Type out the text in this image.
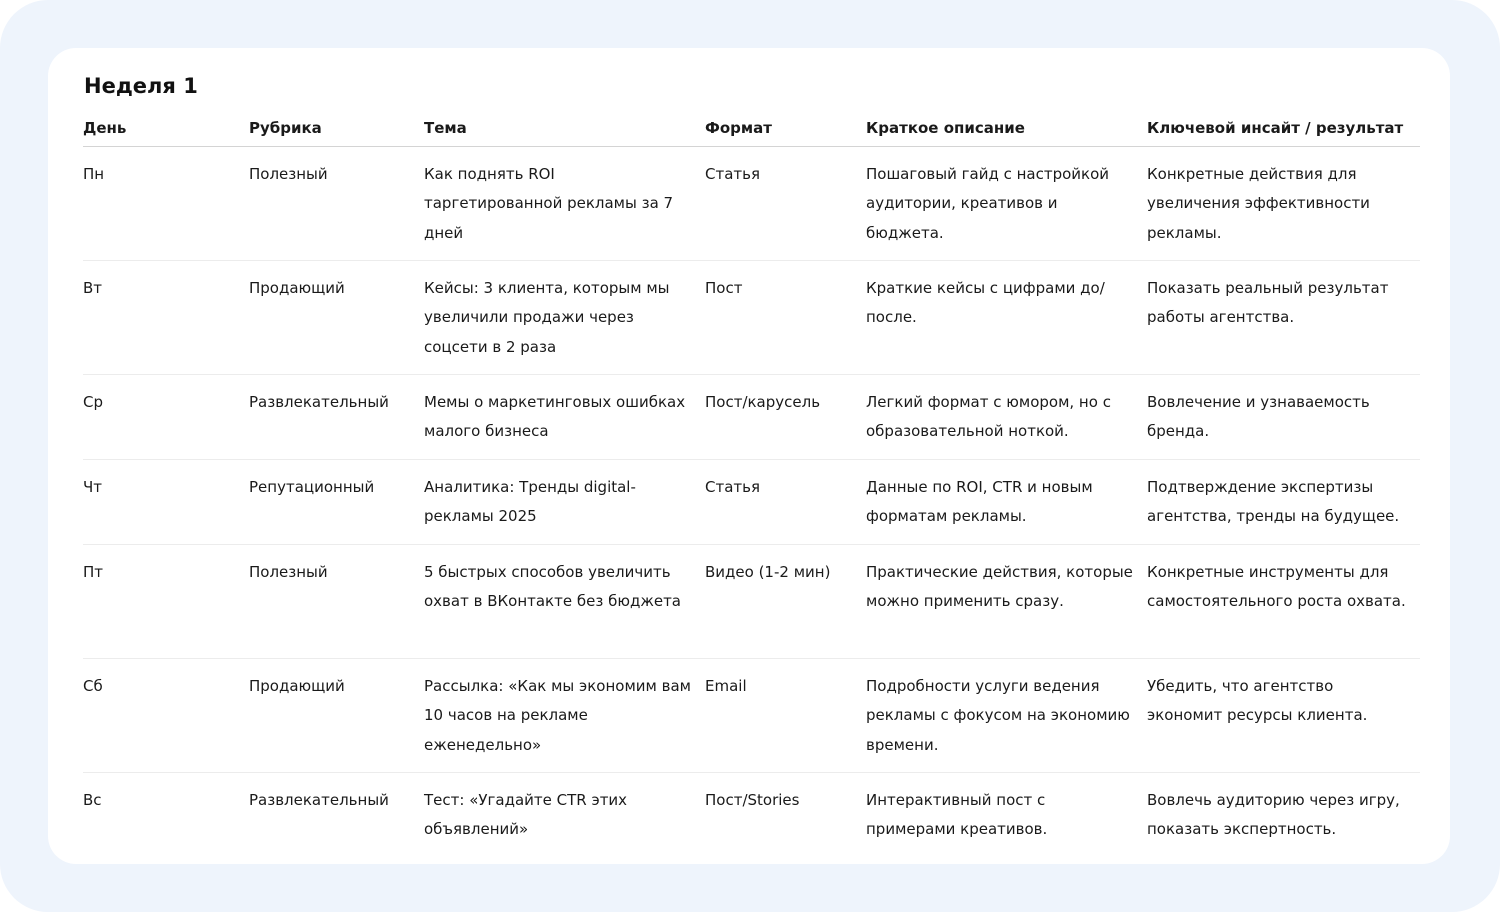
Неделя 1
День	Рубрика	Тема	Формат	Краткое описание	Ключевой инсайт / результат

Пн	Полезный	Как поднять ROI таргетированной рекламы за 7 дней	Статья	Пошаговый гайд с настройкой аудитории, креативов и бюджета.	Конкретные действия для увеличения эффективности рекламы.

Вт	Продающий	Кейсы: 3 клиента, которым мы увеличили продажи через соцсети в 2 раза	Пост	Краткие кейсы с цифрами до/после.	Показать реальный результат работы агентства.

Ср	Развлекательный	Мемы о маркетинговых ошибках малого бизнеса	Пост/карусель	Легкий формат с юмором, но с образовательной ноткой.	Вовлечение и узнаваемость бренда.

Чт	Репутационный	Аналитика: Тренды digital-рекламы 2025	Статья	Данные по ROI, CTR и новым форматам рекламы.	Подтверждение экспертизы агентства, тренды на будущее.

Пт	Полезный	5 быстрых способов увеличить охват в ВКонтакте без бюджета	Видео (1-2 мин)	Практические действия, которые можно применить сразу.	Конкретные инструменты для самостоятельного роста охвата.

Сб	Продающий	Рассылка: «Как мы экономим вам 10 часов на рекламе еженедельно»	Email	Подробности услуги ведения рекламы с фокусом на экономию времени.	Убедить, что агентство экономит ресурсы клиента.

Вс	Развлекательный	Тест: «Угадайте CTR этих объявлений»	Пост/Stories	Интерактивный пост с примерами креативов.	Вовлечь аудиторию через игру, показать экспертность.
